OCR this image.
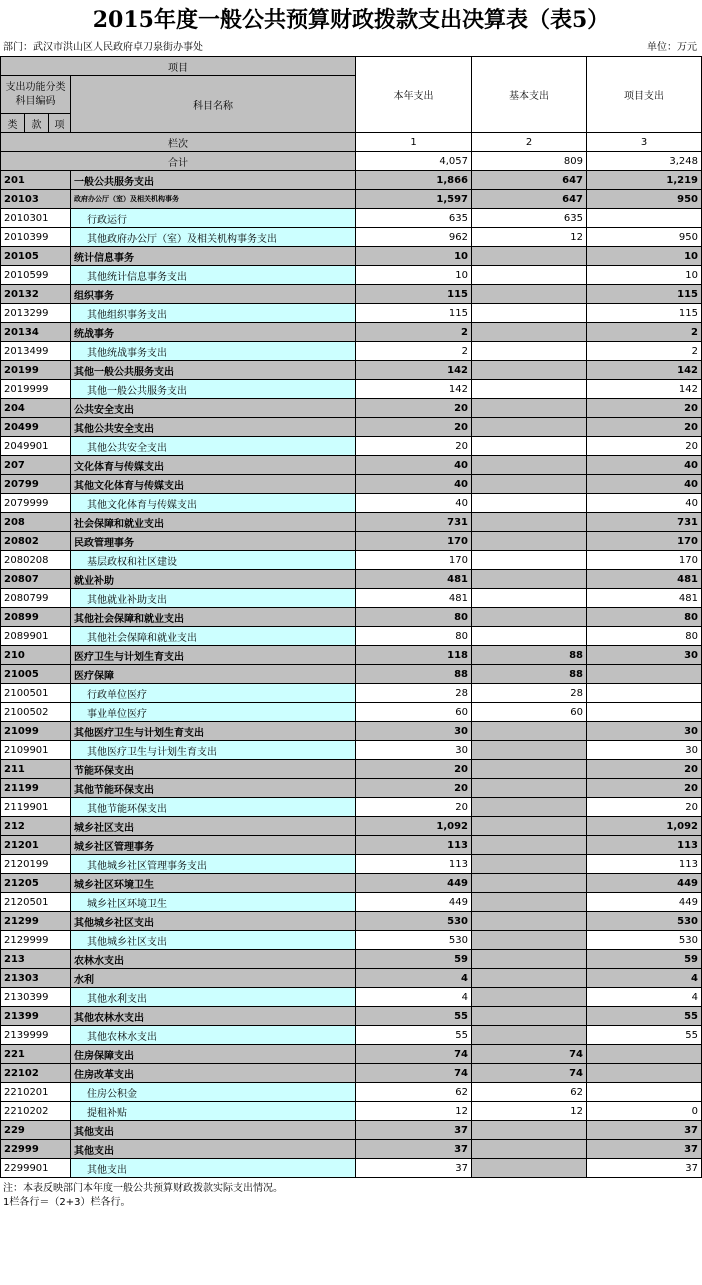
2015年度一般公共预算财政拨款支出决算表（表5）
部门：武汉市洪山区人民政府卓刀泉街办事处	单位：万元
项目				本年支出	基本支出	项目支出
支出功能分类科目编码			科目名称			
类	款	项				
栏次				1	2	3
合计				4,057	809	3,248
201			一般公共服务支出	1,866	647	1,219
20103			政府办公厅（室）及相关机构事务	1,597	647	950
2010301			行政运行	635	635	
2010399			其他政府办公厅（室）及相关机构事务支出	962	12	950
20105			统计信息事务	10		10
2010599			其他统计信息事务支出	10		10
20132			组织事务	115		115
2013299			其他组织事务支出	115		115
20134			统战事务	2		2
2013499			其他统战事务支出	2		2
20199			其他一般公共服务支出	142		142
2019999			其他一般公共服务支出	142		142
204			公共安全支出	20		20
20499			其他公共安全支出	20		20
2049901			其他公共安全支出	20		20
207			文化体育与传媒支出	40		40
20799			其他文化体育与传媒支出	40		40
2079999			其他文化体育与传媒支出	40		40
208			社会保障和就业支出	731		731
20802			民政管理事务	170		170
2080208			基层政权和社区建设	170		170
20807			就业补助	481		481
2080799			其他就业补助支出	481		481
20899			其他社会保障和就业支出	80		80
2089901			其他社会保障和就业支出	80		80
210			医疗卫生与计划生育支出	118	88	30
21005			医疗保障	88	88	
2100501			行政单位医疗	28	28	
2100502			事业单位医疗	60	60	
21099			其他医疗卫生与计划生育支出	30		30
2109901			其他医疗卫生与计划生育支出	30		30
211			节能环保支出	20		20
21199			其他节能环保支出	20		20
2119901			其他节能环保支出	20		20
212			城乡社区支出	1,092		1,092
21201			城乡社区管理事务	113		113
2120199			其他城乡社区管理事务支出	113		113
21205			城乡社区环境卫生	449		449
2120501			城乡社区环境卫生	449		449
21299			其他城乡社区支出	530		530
2129999			其他城乡社区支出	530		530
213			农林水支出	59		59
21303			水利	4		4
2130399			其他水利支出	4		4
21399			其他农林水支出	55		55
2139999			其他农林水支出	55		55
221			住房保障支出	74	74	
22102			住房改革支出	74	74	
2210201			住房公积金	62	62	
2210202			提租补贴	12	12	0
229			其他支出	37		37
22999			其他支出	37		37
2299901			其他支出	37		37
注：本表反映部门本年度一般公共预算财政拨款实际支出情况。
1栏各行＝（2+3）栏各行。
